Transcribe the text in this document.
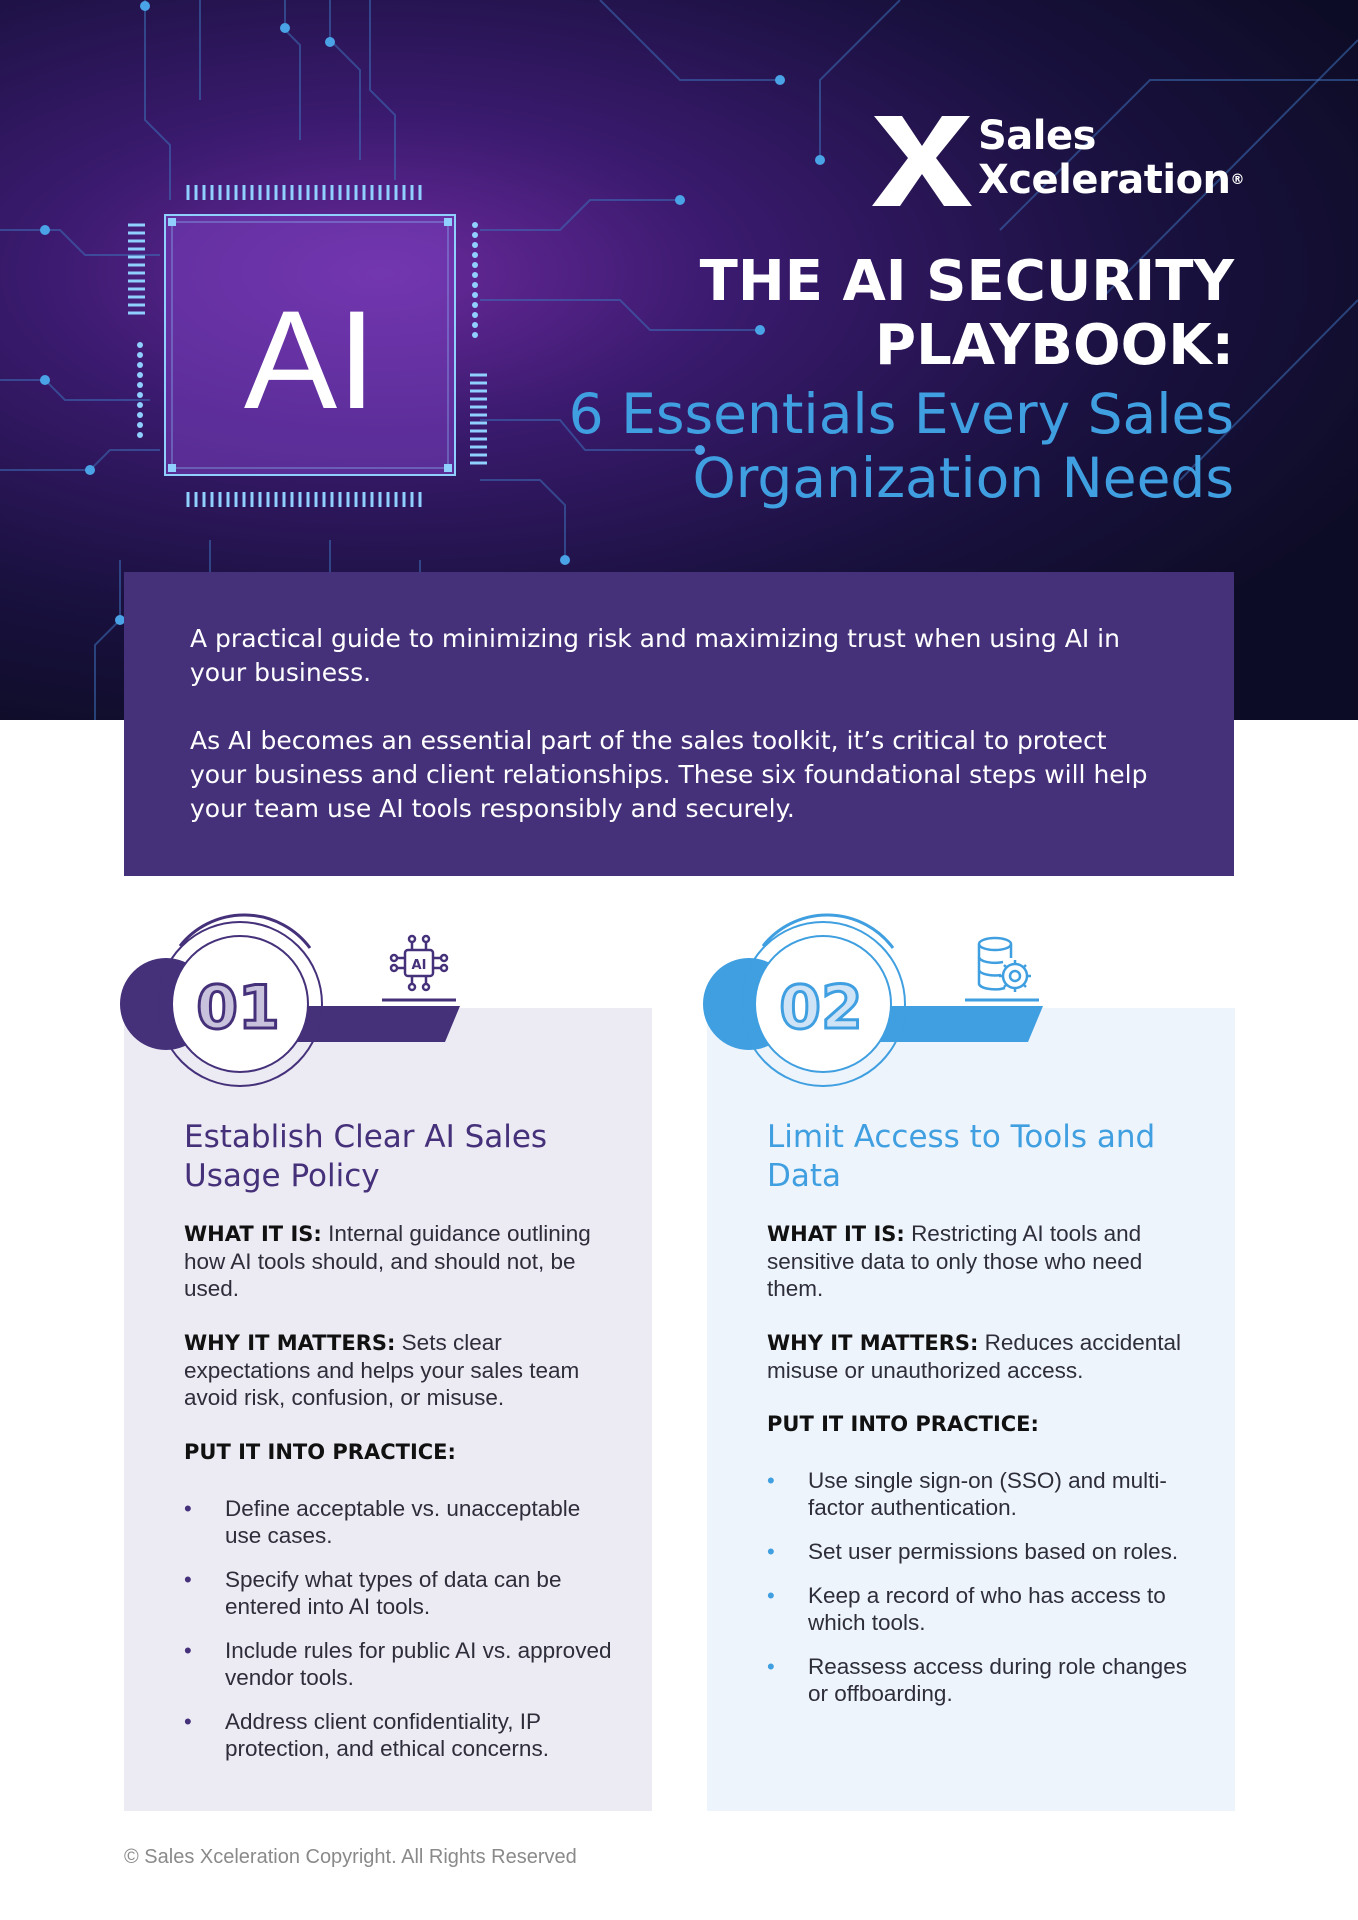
AI
Sales
Xceleration®
THE AI SECURITY
PLAYBOOK:
6 Essentials Every Sales
Organization Needs

A practical guide to minimizing risk and maximizing trust when using AI in your business.

As AI becomes an essential part of the sales toolkit, it’s critical to protect your business and client relationships. These six foundational steps will help your team use AI tools responsibly and securely.

Establish Clear AI Sales Usage Policy
WHAT IT IS: Internal guidance outlining how AI tools should, and should not, be used.
WHY IT MATTERS: Sets clear expectations and helps your sales team avoid risk, confusion, or misuse.
PUT IT INTO PRACTICE:
• Define acceptable vs. unacceptable use cases.
• Specify what types of data can be entered into AI tools.
• Include rules for public AI vs. approved vendor tools.
• Address client confidentiality, IP protection, and ethical concerns.
Limit Access to Tools and Data
WHAT IT IS: Restricting AI tools and sensitive data to only those who need them.
WHY IT MATTERS: Reduces accidental misuse or unauthorized access.
PUT IT INTO PRACTICE:
• Use single sign-on (SSO) and multi-factor authentication.
• Set user permissions based on roles.
• Keep a record of who has access to which tools.
• Reassess access during role changes or offboarding.
01
AI
02
© Sales Xceleration Copyright. All Rights Reserved
